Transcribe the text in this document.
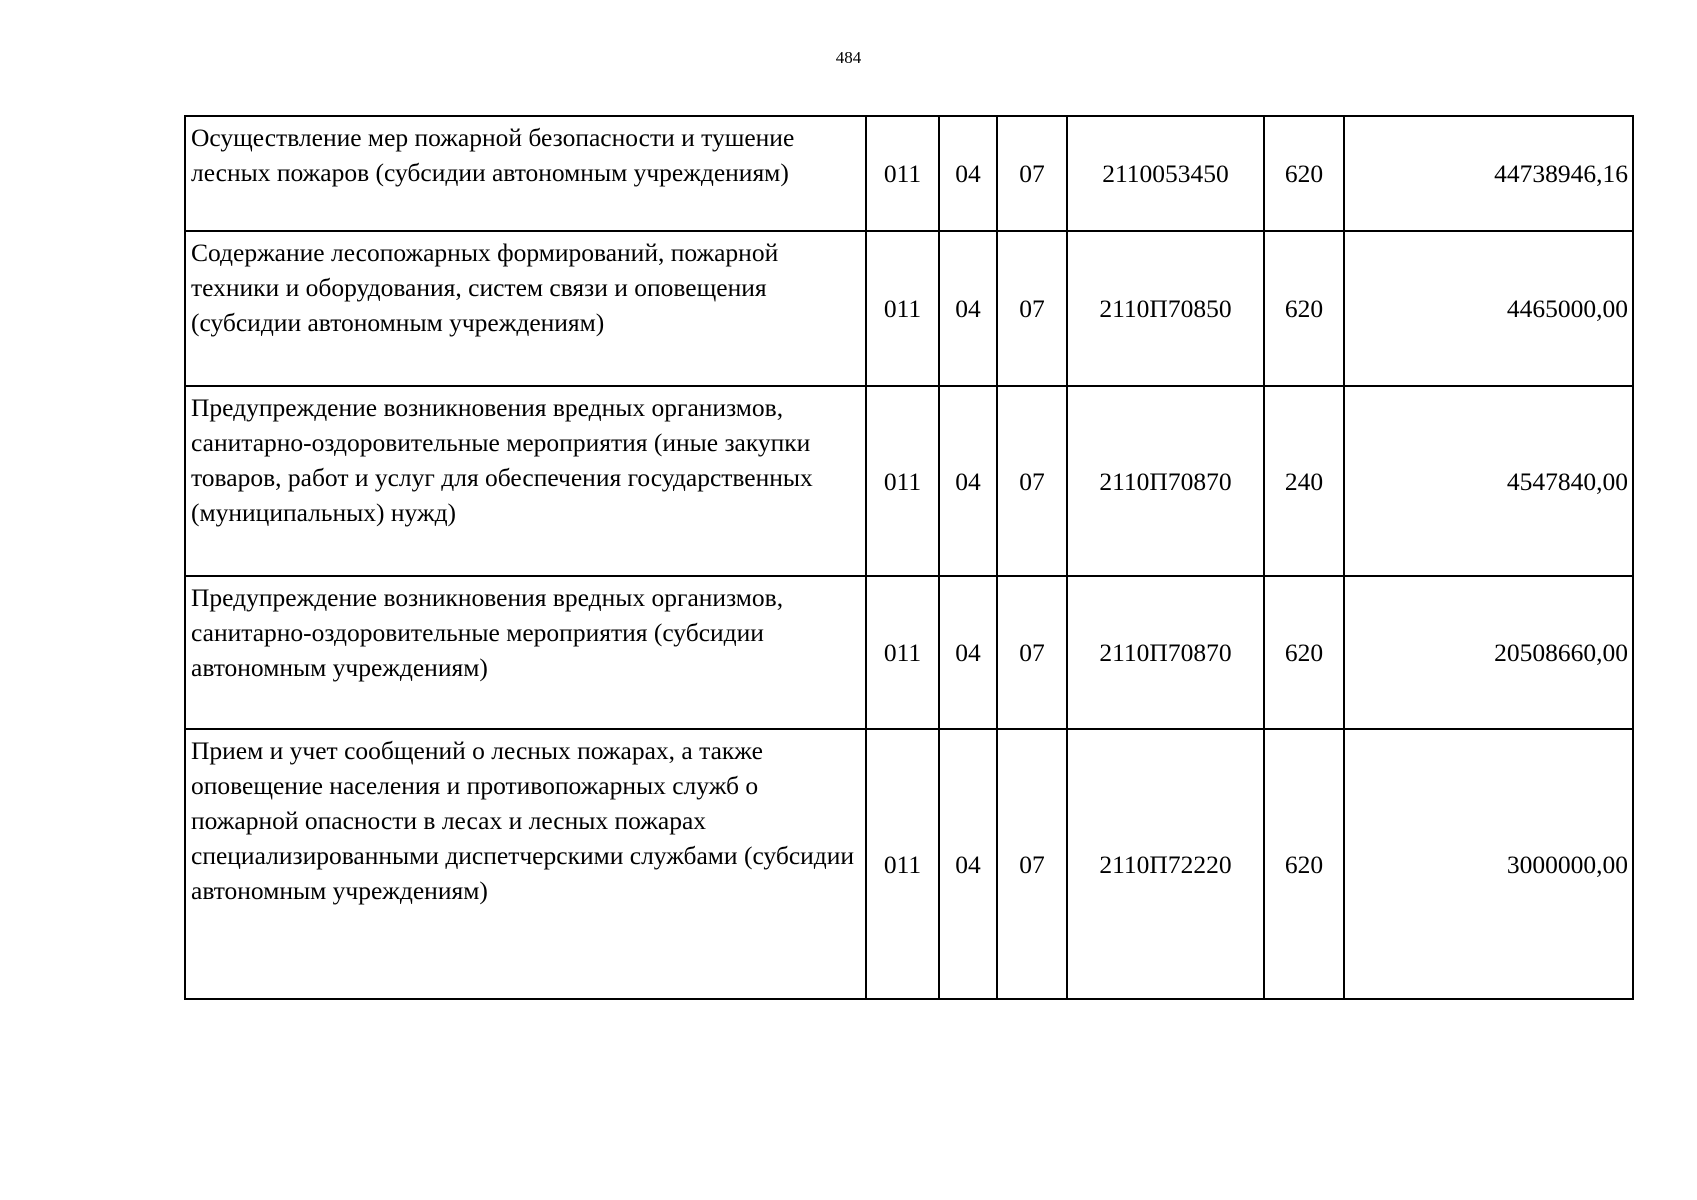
484
Осуществление мер пожарной безопасности и тушение лесных пожаров (субсидии автономным учреждениям)	011	04	07	2110053450	620	44738946,16
Содержание лесопожарных формирований, пожарной техники и оборудования, систем связи и оповещения (субсидии автономным учреждениям)	011	04	07	2110П70850	620	4465000,00
Предупреждение возникновения вредных организмов, санитарно-оздоровительные мероприятия (иные закупки товаров, работ и услуг для обеспечения государственных (муниципальных) нужд)	011	04	07	2110П70870	240	4547840,00
Предупреждение возникновения вредных организмов, санитарно-оздоровительные мероприятия (субсидии автономным учреждениям)	011	04	07	2110П70870	620	20508660,00
Прием и учет сообщений о лесных пожарах, а также оповещение населения и противопожарных служб о пожарной опасности в лесах и лесных пожарах специализированными диспетчерскими службами (субсидии автономным учреждениям)	011	04	07	2110П72220	620	3000000,00
